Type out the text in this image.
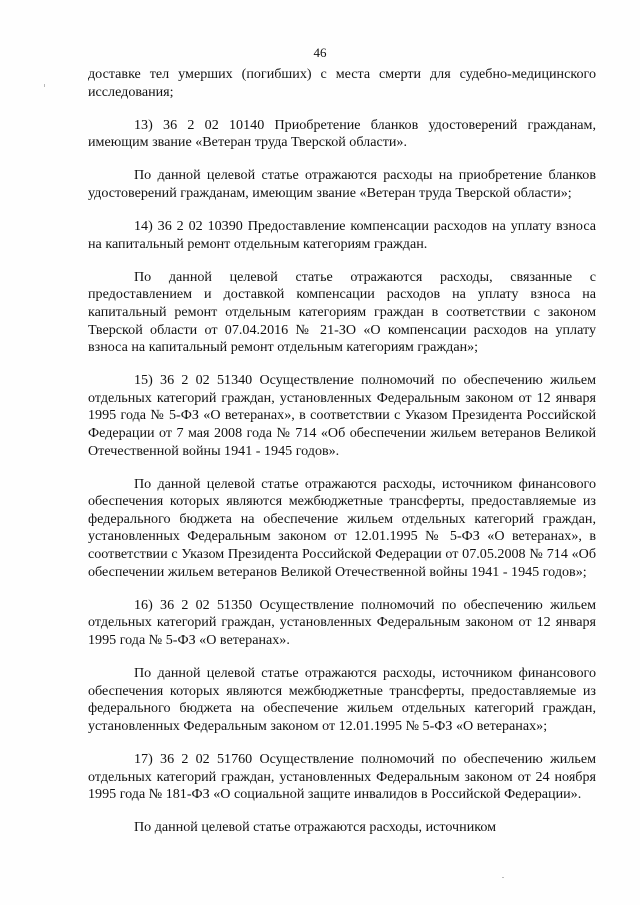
46

доставке тел умерших (погибших) с места смерти для судебно-медицинского исследования;

13) 36 2 02 10140 Приобретение бланков удостоверений гражданам, имеющим звание «Ветеран труда Тверской области».

По данной целевой статье отражаются расходы на приобретение бланков удостоверений гражданам, имеющим звание «Ветеран труда Тверской области»;

14) 36 2 02 10390 Предоставление компенсации расходов на уплату взноса на капитальный ремонт отдельным категориям граждан.

По данной целевой статье отражаются расходы, связанные с предоставлением и доставкой компенсации расходов на уплату взноса на капитальный ремонт отдельным категориям граждан в соответствии с законом Тверской области от 07.04.2016 № 21-ЗО «О компенсации расходов на уплату взноса на капитальный ремонт отдельным категориям граждан»;

15) 36 2 02 51340 Осуществление полномочий по обеспечению жильем отдельных категорий граждан, установленных Федеральным законом от 12 января 1995 года № 5-ФЗ «О ветеранах», в соответствии с Указом Президента Российской Федерации от 7 мая 2008 года № 714 «Об обеспечении жильем ветеранов Великой Отечественной войны 1941 - 1945 годов».

По данной целевой статье отражаются расходы, источником финансового обеспечения которых являются межбюджетные трансферты, предоставляемые из федерального бюджета на обеспечение жильем отдельных категорий граждан, установленных Федеральным законом от 12.01.1995 № 5-ФЗ «О ветеранах», в соответствии с Указом Президента Российской Федерации от 07.05.2008 № 714 «Об обеспечении жильем ветеранов Великой Отечественной войны 1941 - 1945 годов»;

16) 36 2 02 51350 Осуществление полномочий по обеспечению жильем отдельных категорий граждан, установленных Федеральным законом от 12 января 1995 года № 5-ФЗ «О ветеранах».

По данной целевой статье отражаются расходы, источником финансового обеспечения которых являются межбюджетные трансферты, предоставляемые из федерального бюджета на обеспечение жильем отдельных категорий граждан, установленных Федеральным законом от 12.01.1995 № 5-ФЗ «О ветеранах»;

17) 36 2 02 51760 Осуществление полномочий по обеспечению жильем отдельных категорий граждан, установленных Федеральным законом от 24 ноября 1995 года № 181-ФЗ «О социальной защите инвалидов в Российской Федерации».

По данной целевой статье отражаются расходы, источником
